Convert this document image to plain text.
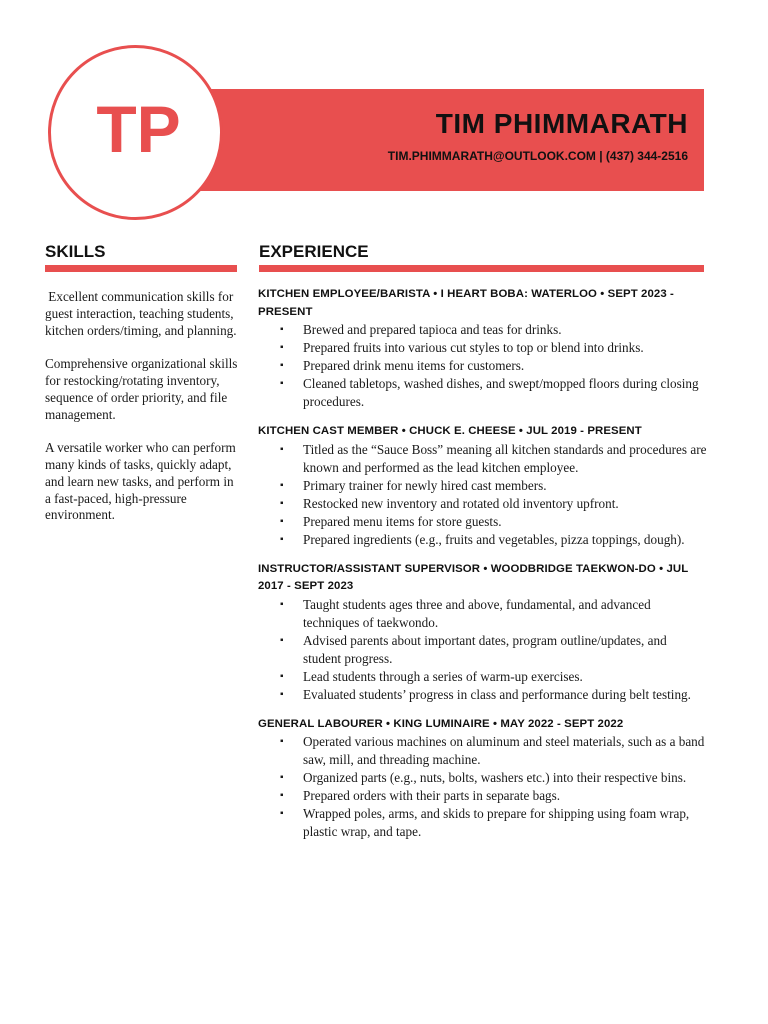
TP	TIM PHIMMARATH
TIM.PHIMMARATH@OUTLOOK.COM | (437) 344-2516
SKILLS	EXPERIENCE

Excellent communication skills for guest interaction, teaching students, kitchen orders/timing, and planning.

Comprehensive organizational skills for restocking/rotating inventory, sequence of order priority, and file management.

A versatile worker who can perform many kinds of tasks, quickly adapt, and learn new tasks, and perform in a fast-paced, high-pressure environment.

KITCHEN EMPLOYEE/BARISTA • I HEART BOBA: WATERLOO • SEPT 2023 - PRESENT
▪ Brewed and prepared tapioca and teas for drinks.
▪ Prepared fruits into various cut styles to top or blend into drinks.
▪ Prepared drink menu items for customers.
▪ Cleaned tabletops, washed dishes, and swept/mopped floors during closing procedures.
KITCHEN CAST MEMBER • CHUCK E. CHEESE • JUL 2019 - PRESENT
▪ Titled as the “Sauce Boss” meaning all kitchen standards and procedures are known and performed as the lead kitchen employee.
▪ Primary trainer for newly hired cast members.
▪ Restocked new inventory and rotated old inventory upfront.
▪ Prepared menu items for store guests.
▪ Prepared ingredients (e.g., fruits and vegetables, pizza toppings, dough).
INSTRUCTOR/ASSISTANT SUPERVISOR • WOODBRIDGE TAEKWON-DO • JUL 2017 - SEPT 2023
▪ Taught students ages three and above, fundamental, and advanced techniques of taekwondo.
▪ Advised parents about important dates, program outline/updates, and student progress.
▪ Lead students through a series of warm-up exercises.
▪ Evaluated students’ progress in class and performance during belt testing.
GENERAL LABOURER • KING LUMINAIRE • MAY 2022 - SEPT 2022
▪ Operated various machines on aluminum and steel materials, such as a band saw, mill, and threading machine.
▪ Organized parts (e.g., nuts, bolts, washers etc.) into their respective bins.
▪ Prepared orders with their parts in separate bags.
▪ Wrapped poles, arms, and skids to prepare for shipping using foam wrap, plastic wrap, and tape.
